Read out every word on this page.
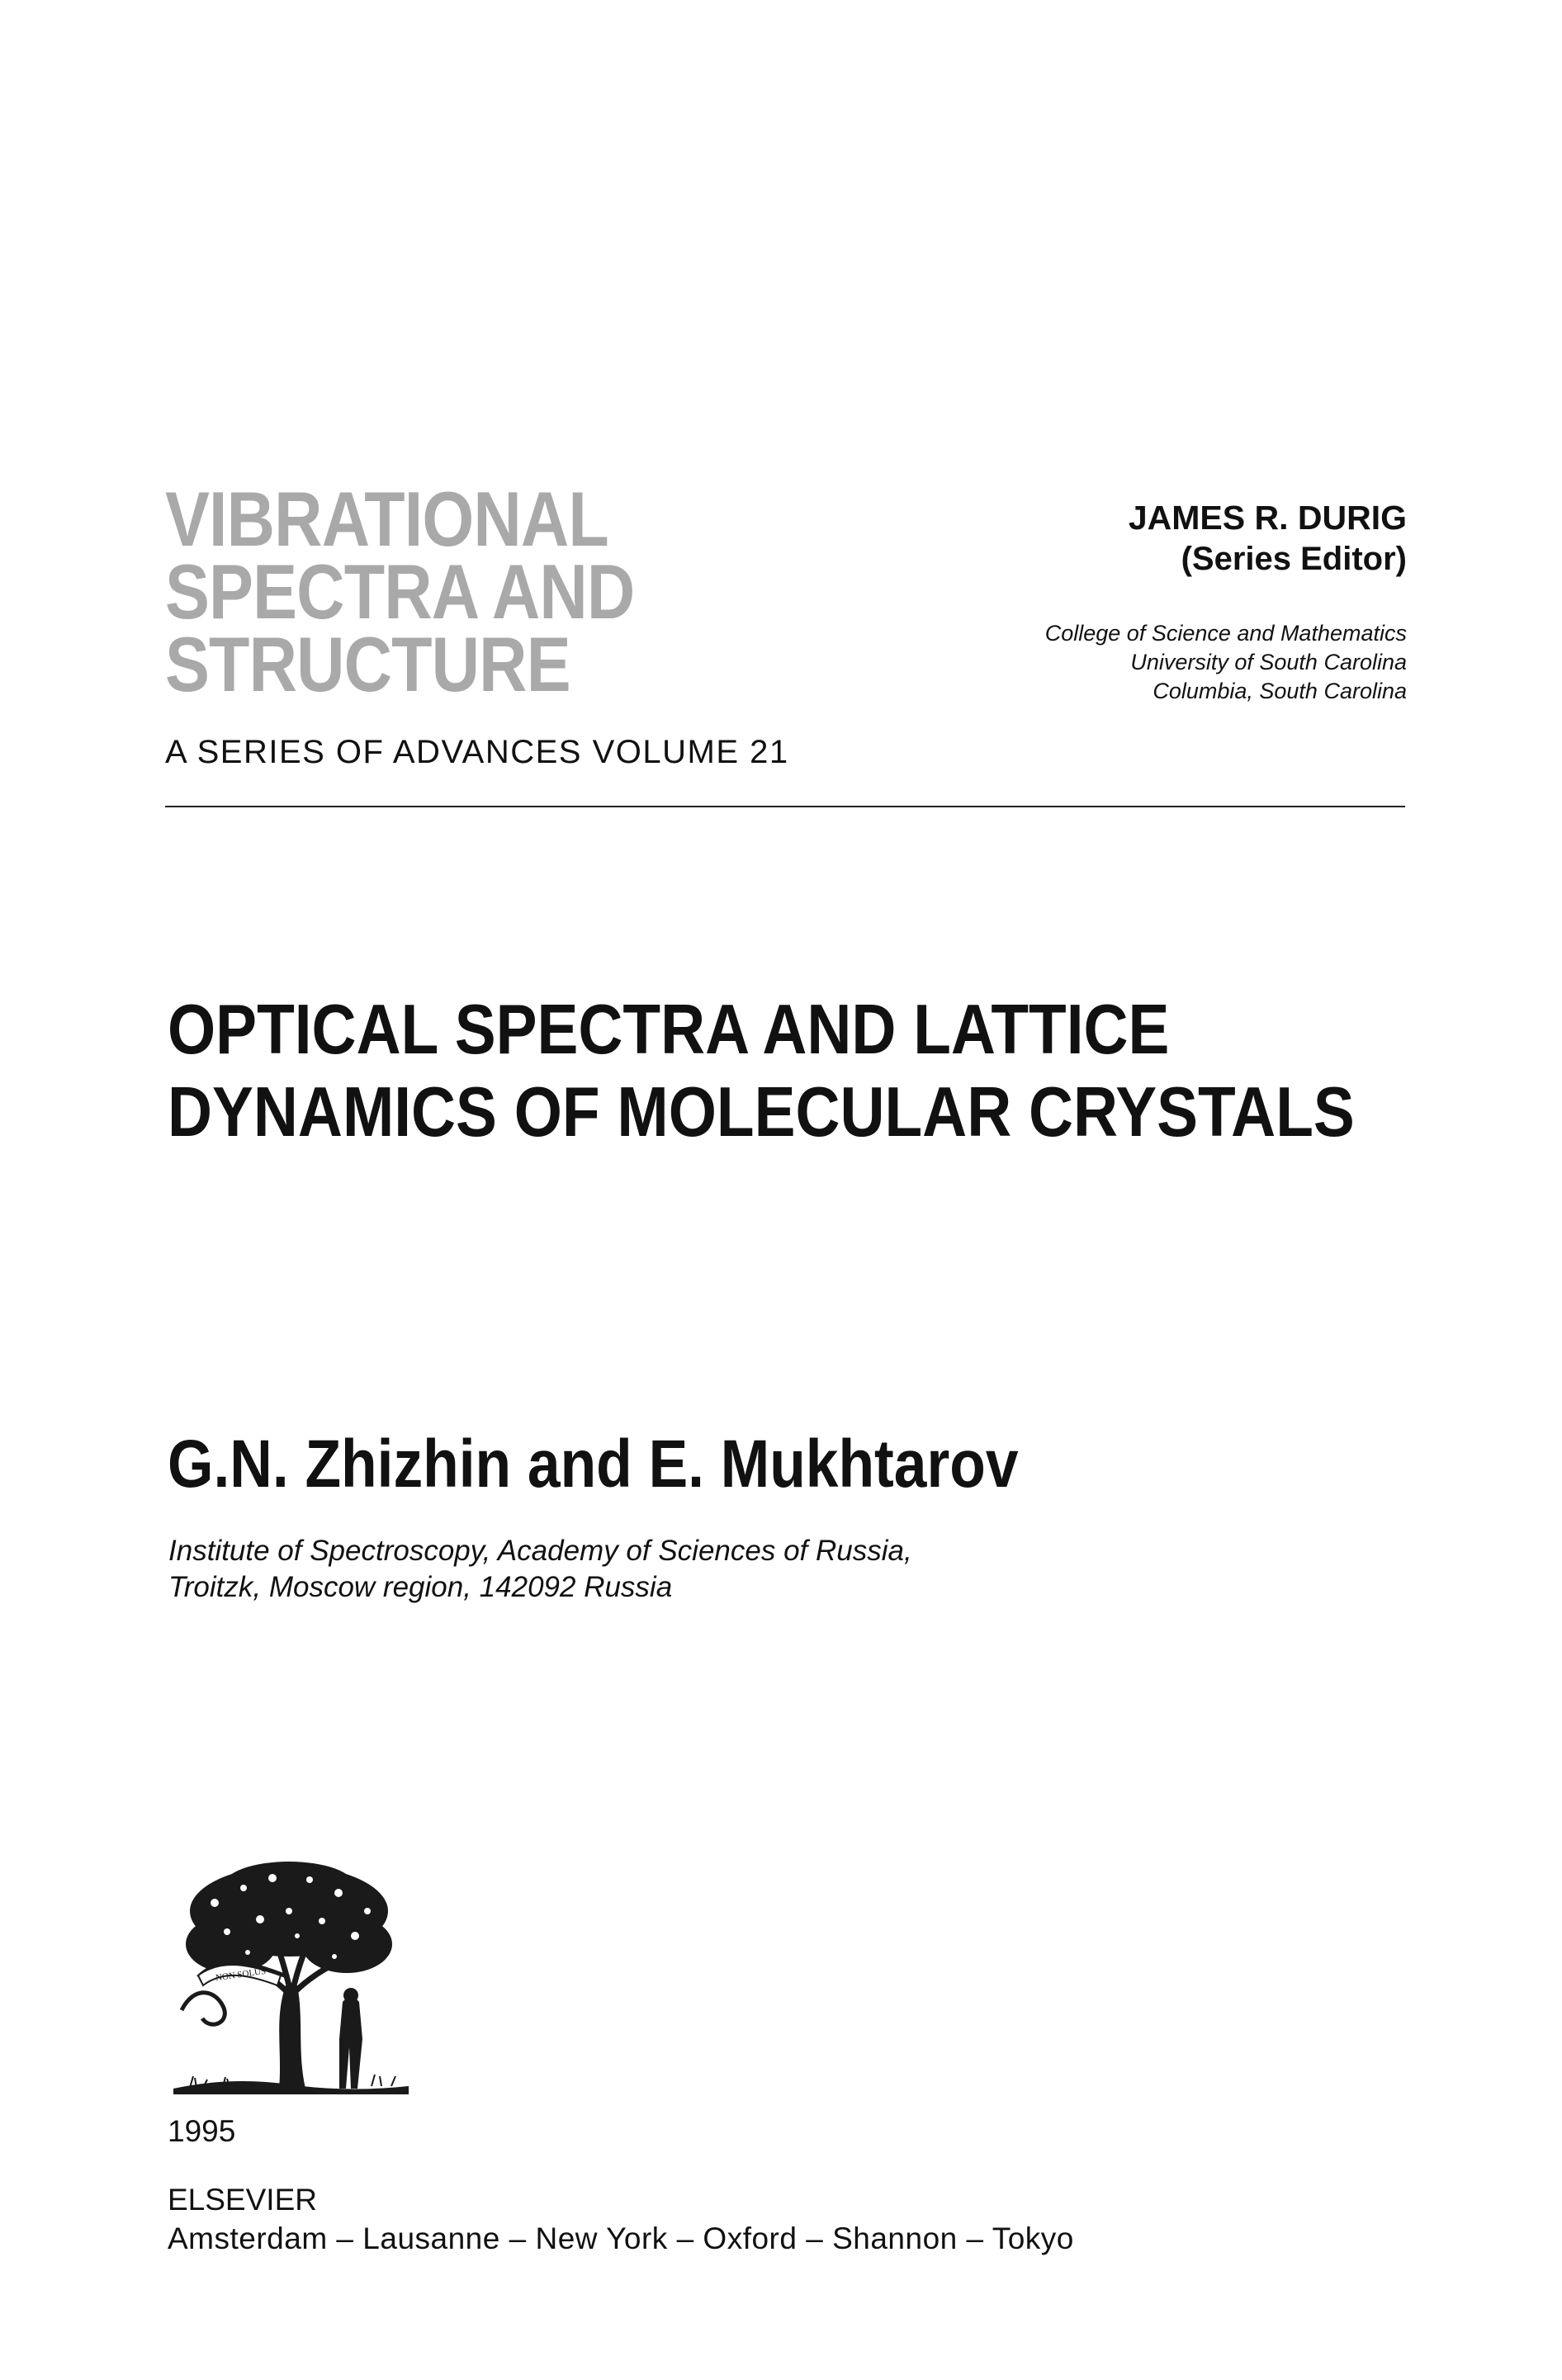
VIBRATIONAL
SPECTRA AND
STRUCTURE
A SERIES OF ADVANCES VOLUME 21
JAMES R. DURIG
(Series Editor)
College of Science and Mathematics
University of South Carolina
Columbia, South Carolina
OPTICAL SPECTRA AND LATTICE
DYNAMICS OF MOLECULAR CRYSTALS
G.N. Zhizhin and E. Mukhtarov
Institute of Spectroscopy, Academy of Sciences of Russia,
Troitzk, Moscow region, 142092 Russia
NON SOLUS
1995
ELSEVIER
Amsterdam – Lausanne – New York – Oxford – Shannon – Tokyo
